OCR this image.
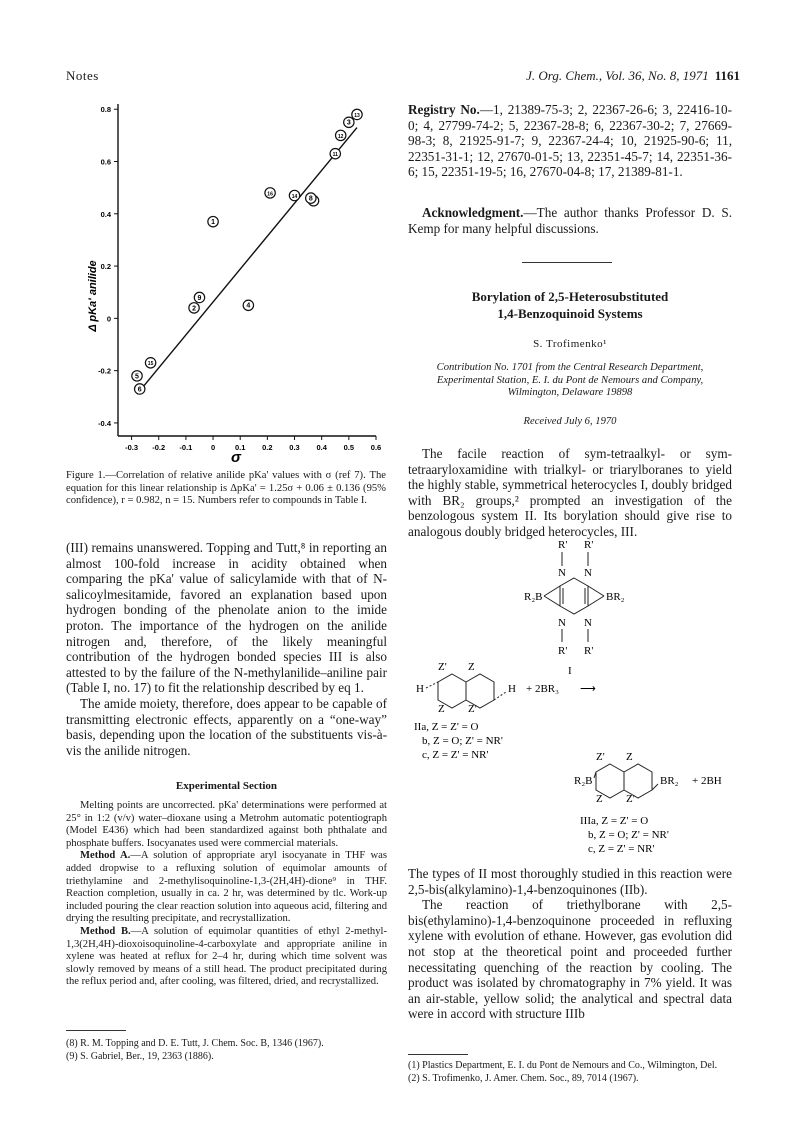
Notes	J. Org. Chem., Vol. 36, No. 8, 1971 1161
-0.3 -0.2 -0.1 0	0.1 0.2 0.3 0.4 0.5 0.6
0.8
0.6
0.4
0.2
0
-0.2
-0.4
1
2
3
4
5
6
8
9
11
12
13
14
15
16
Δ pKa' anilide
σ
Figure 1.—Correlation of relative anilide pKa' values with σ (ref 7). The equation for this linear relationship is ΔpKa' = 1.25σ + 0.06 ± 0.136 (95% confidence), r = 0.982, n = 15. Numbers refer to compounds in Table I.

(III) remains unanswered. Topping and Tutt,⁸ in reporting an almost 100-fold increase in acidity obtained when comparing the pKa' value of salicylamide with that of N-salicoylmesitamide, favored an explanation based upon hydrogen bonding of the phenolate anion to the imide proton. The importance of the hydrogen on the anilide nitrogen and, therefore, of the likely meaningful contribution of the hydrogen bonded species III is also attested to by the failure of the N-methylanilide–aniline pair (Table I, no. 17) to fit the relationship described by eq 1.

The amide moiety, therefore, does appear to be capable of transmitting electronic effects, apparently on a “one-way” basis, depending upon the location of the substituents vis-à-vis the anilide nitrogen.

Experimental Section

Melting points are uncorrected. pKa' determinations were performed at 25° in 1:2 (v/v) water–dioxane using a Metrohm automatic potentiograph (Model E436) which had been standardized against both phthalate and phosphate buffers. Isocyanates used were commercial materials.

Method A.—A solution of appropriate aryl isocyanate in THF was added dropwise to a refluxing solution of equimolar amounts of triethylamine and 2-methylisoquinoline-1,3-(2H,4H)-dione⁹ in THF. Reaction completion, usually in ca. 2 hr, was determined by tlc. Work-up included pouring the clear reaction solution into aqueous acid, filtering and drying the resulting precipitate, and recrystallization.

Method B.—A solution of equimolar quantities of ethyl 2-methyl-1,3(2H,4H)-dioxoisoquinoline-4-carboxylate and appropriate aniline in xylene was heated at reflux for 2–4 hr, during which time solvent was slowly removed by means of a still head. The product precipitated during the reflux period and, after cooling, was filtered, dried, and recrystallized.

(8) R. M. Topping and D. E. Tutt, J. Chem. Soc. B, 1346 (1967).

(9) S. Gabriel, Ber., 19, 2363 (1886).

Registry No.—1, 21389-75-3; 2, 22367-26-6; 3, 22416-10-0; 4, 27799-74-2; 5, 22367-28-8; 6, 22367-30-2; 7, 27669-98-3; 8, 21925-91-7; 9, 22367-24-4; 10, 21925-90-6; 11, 22351-31-1; 12, 27670-01-5; 13, 22351-45-7; 14, 22351-36-6; 15, 22351-19-5; 16, 27670-04-8; 17, 21389-81-1.

Acknowledgment.—The author thanks Professor D. S. Kemp for many helpful discussions.

Borylation of 2,5-Heterosubstituted
1,4-Benzoquinoid Systems
S. Trofimenko¹
Contribution No. 1701 from the Central Research Department, Experimental Station, E. I. du Pont de Nemours and Company, Wilmington, Delaware 19898
Received July 6, 1970

The facile reaction of sym-tetraalkyl- or sym-tetraaryloxamidine with trialkyl- or triarylboranes to yield the highly stable, symmetrical heterocycles I, doubly bridged with BR₂ groups,² prompted an investigation of the benzologous system II. Its borylation should give rise to analogous doubly bridged heterocycles, III.

R' R'
N N
R₂B	BR₂
N N
R' R'
I
H
Z' Z
Z Z'
H + 2BR₃ ⟶
IIa, Z = Z' = O
b, Z = O; Z' = NR'
c, Z = Z' = NR'
R₂B
Z' Z
Z Z'
BR₂ + 2BH
IIIa, Z = Z' = O
b, Z = O; Z' = NR'
c, Z = Z' = NR'

The types of II most thoroughly studied in this reaction were 2,5-bis(alkylamino)-1,4-benzoquinones (IIb).

The reaction of triethylborane with 2,5-bis(ethylamino)-1,4-benzoquinone proceeded in refluxing xylene with evolution of ethane. However, gas evolution did not stop at the theoretical point and proceeded further necessitating quenching of the reaction by cooling. The product was isolated by chromatography in 7% yield. It was an air-stable, yellow solid; the analytical and spectral data were in accord with structure IIIb

(1) Plastics Department, E. I. du Pont de Nemours and Co., Wilmington, Del.

(2) S. Trofimenko, J. Amer. Chem. Soc., 89, 7014 (1967).
